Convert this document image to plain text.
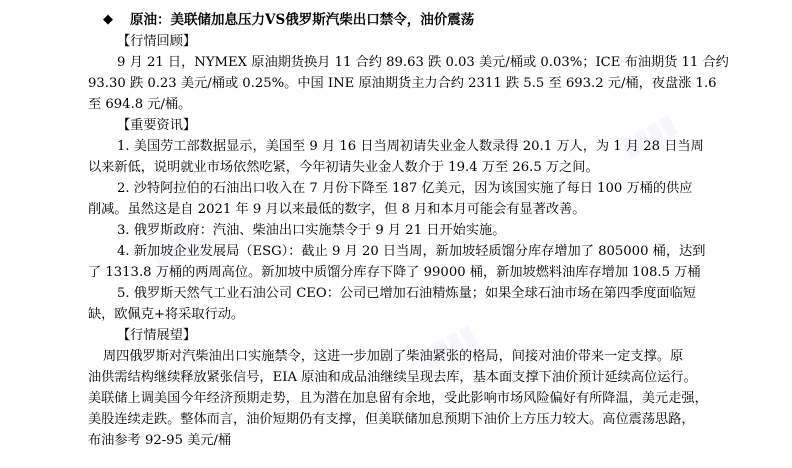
▮▮▮▮
▮▮▮▮
▮▮▮▮
◆ 原油：美联储加息压力VS俄罗斯汽柴出口禁令，油价震荡
【行情回顾】
9 月 21 日，NYMEX 原油期货换月 11 合约 89.63 跌 0.03 美元/桶或 0.03%；ICE 布油期货 11 合约
93.30 跌 0.23 美元/桶或 0.25%。中国 INE 原油期货主力合约 2311 跌 5.5 至 693.2 元/桶，夜盘涨 1.6
至 694.8 元/桶。
【重要资讯】
1. 美国劳工部数据显示，美国至 9 月 16 日当周初请失业金人数录得 20.1 万人，为 1 月 28 日当周
以来新低，说明就业市场依然吃紧，今年初请失业金人数介于 19.4 万至 26.5 万之间。
2. 沙特阿拉伯的石油出口收入在 7 月份下降至 187 亿美元，因为该国实施了每日 100 万桶的供应
削减。虽然这是自 2021 年 9 月以来最低的数字，但 8 月和本月可能会有显著改善。
3. 俄罗斯政府：汽油、柴油出口实施禁令于 9 月 21 日开始实施。
4. 新加坡企业发展局（ESG）：截止 9 月 20 日当周，新加坡轻质馏分库存增加了 805000 桶，达到
了 1313.8 万桶的两周高位。新加坡中质馏分库存下降了 99000 桶，新加坡燃料油库存增加 108.5 万桶
5. 俄罗斯天然气工业石油公司 CEO：公司已增加石油精炼量；如果全球石油市场在第四季度面临短
缺，欧佩克+将采取行动。
【行情展望】
周四俄罗斯对汽柴油出口实施禁令，这进一步加剧了柴油紧张的格局，间接对油价带来一定支撑。原
油供需结构继续释放紧张信号，EIA 原油和成品油继续呈现去库，基本面支撑下油价预计延续高位运行。
美联储上调美国今年经济预期走势，且为潜在加息留有余地，受此影响市场风险偏好有所降温，美元走强，
美股连续走跌。整体而言，油价短期仍有支撑，但美联储加息预期下油价上方压力较大。高位震荡思路，
布油参考 92-95 美元/桶
